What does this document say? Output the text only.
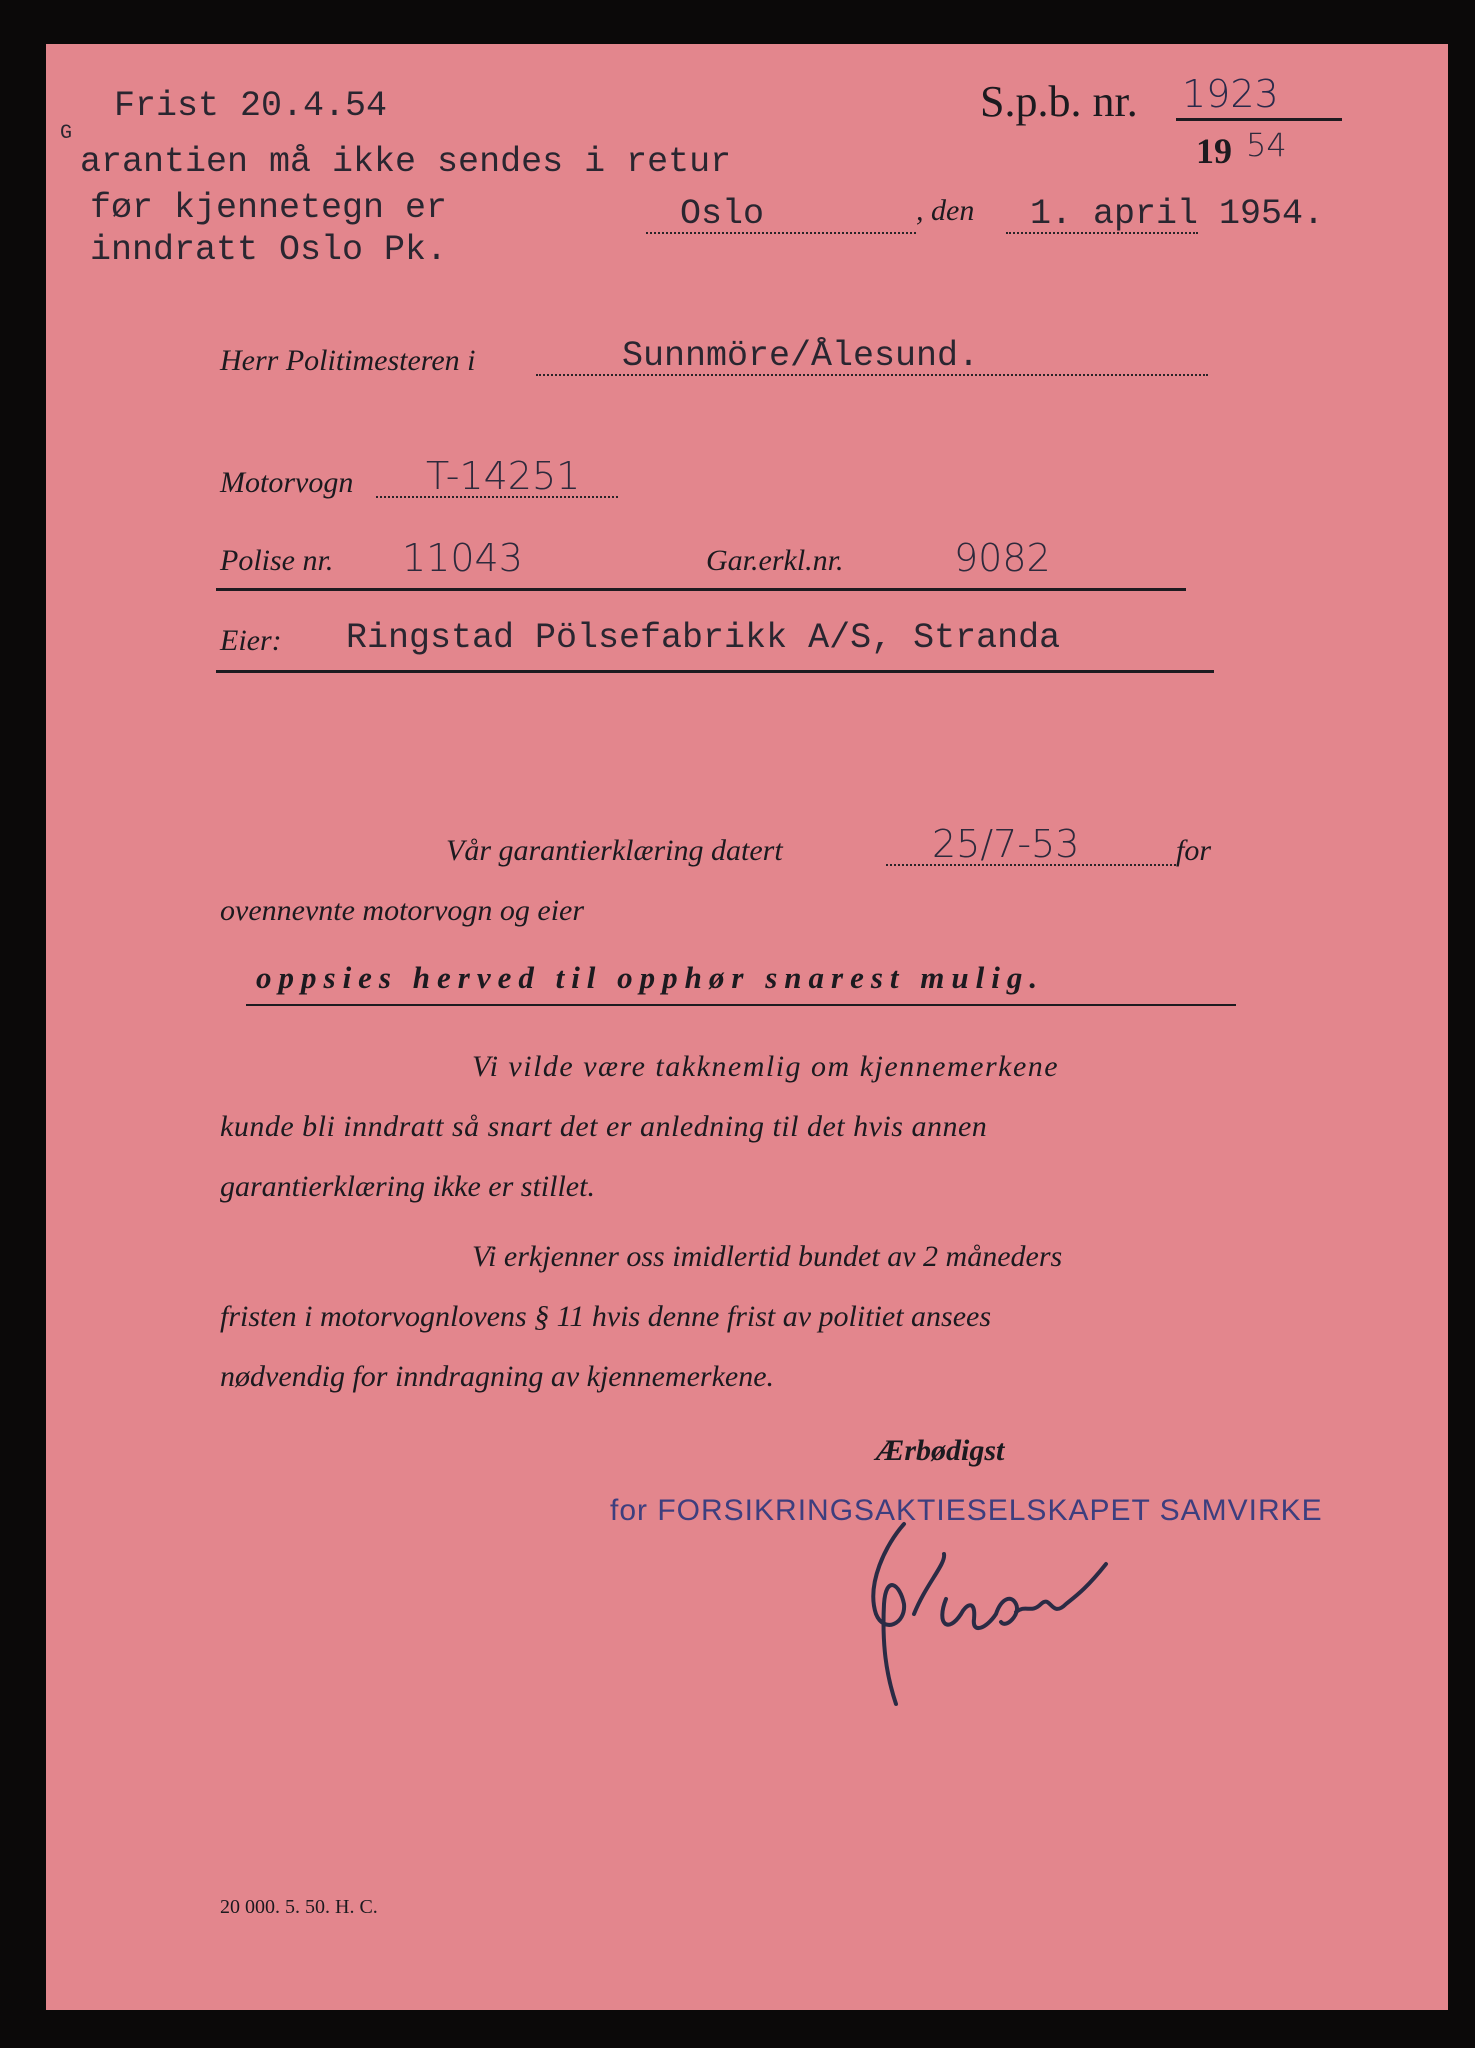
Frist 20.4.54
G
arantien må ikke sendes i retur
før kjennetegn er
inndratt Oslo Pk.
S.p.b. nr. 1923
19 54
Oslo	, den 1. april 1954.
Herr Politimesteren i	Sunnmöre/Ålesund.
Motorvogn T-14251
Polise nr. 11043	Gar.erkl.nr.	9082
Eier: Ringstad Pölsefabrikk A/S, Stranda
Vår garantierklæring datert	25/7-53	for
ovennevnte motorvogn og eier
oppsies herved til opphør snarest mulig.
Vi vilde være takknemlig om kjennemerkene
kunde bli inndratt så snart det er anledning til det hvis annen
garantierklæring ikke er stillet.
Vi erkjenner oss imidlertid bundet av 2 måneders
fristen i motorvognlovens § 11 hvis denne frist av politiet ansees
nødvendig for inndragning av kjennemerkene.
Ærbødigst
for FORSIKRINGSAKTIESELSKAPET SAMVIRKE
20 000. 5. 50. H. C.
